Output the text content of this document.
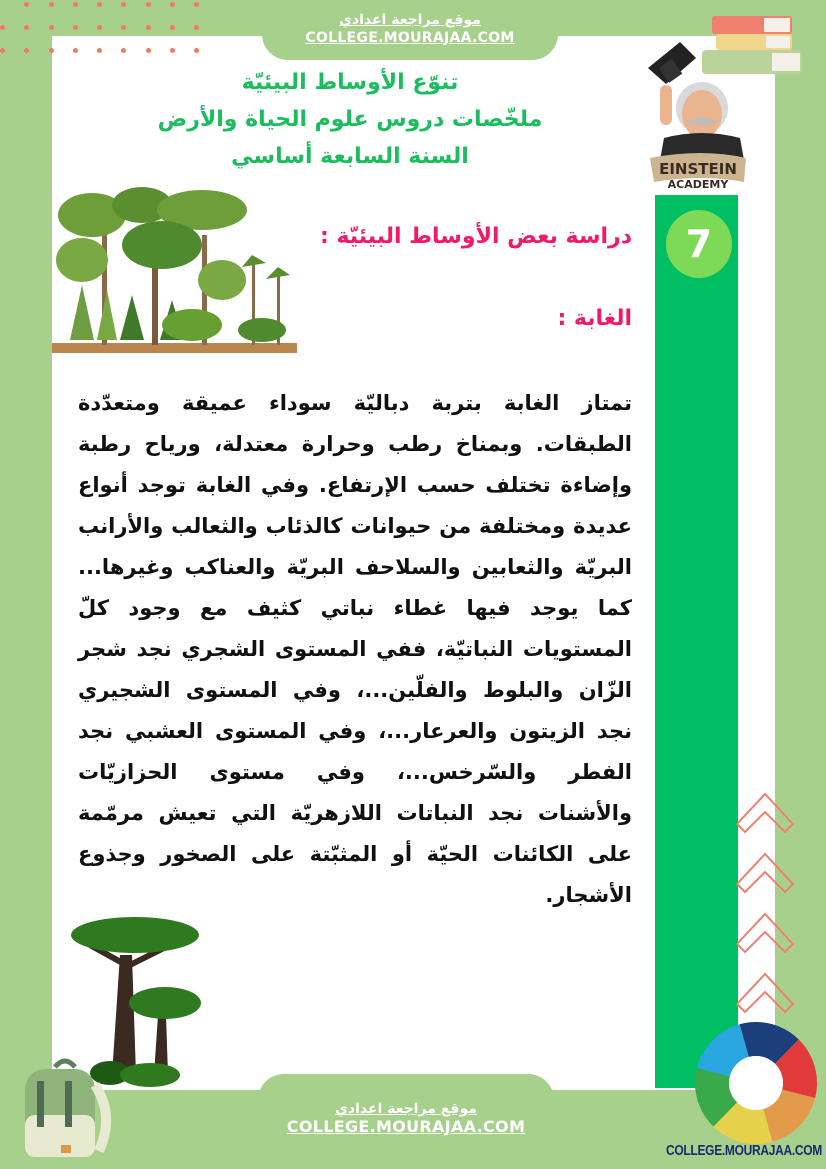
موقع مراجعة اعدادي
COLLEGE.MOURAJAA.COM
تنوّع الأوساط البيئيّة
ملخّصات دروس علوم الحياة والأرض
السنة السابعة أساسي	EINSTEIN
ACADEMY
7
دراسة بعض الأوساط البيئيّة :
الغابة :
تمتاز الغابة بتربة دباليّة سوداء عميقة ومتعدّدة الطبقات. وبمناخ رطب وحرارة معتدلة، ورياح رطبة وإضاءة تختلف حسب الإرتفاع. وفي الغابة توجد أنواع عديدة ومختلفة من حيوانات كالذئاب والثعالب والأرانب البريّة والثعابين والسلاحف البريّة والعناكب وغيرها... كما يوجد فيها غطاء نباتي كثيف مع وجود كلّ المستويات النباتيّة، ففي المستوى الشجري نجد شجر الزّان والبلوط والفلّين...، وفي المستوى الشجيري نجد الزيتون والعرعار...، وفي المستوى العشبي نجد الفطر والسّرخس...، وفي مستوى الحزازيّات والأشنات نجد النباتات اللازهريّة التي تعيش مرمّمة على الكائنات الحيّة أو المثبّتة على الصخور وجذوع الأشجار.
موقع مراجعة اعدادي
COLLEGE.MOURAJAA.COM
COLLEGE.MOURAJAA.COM
